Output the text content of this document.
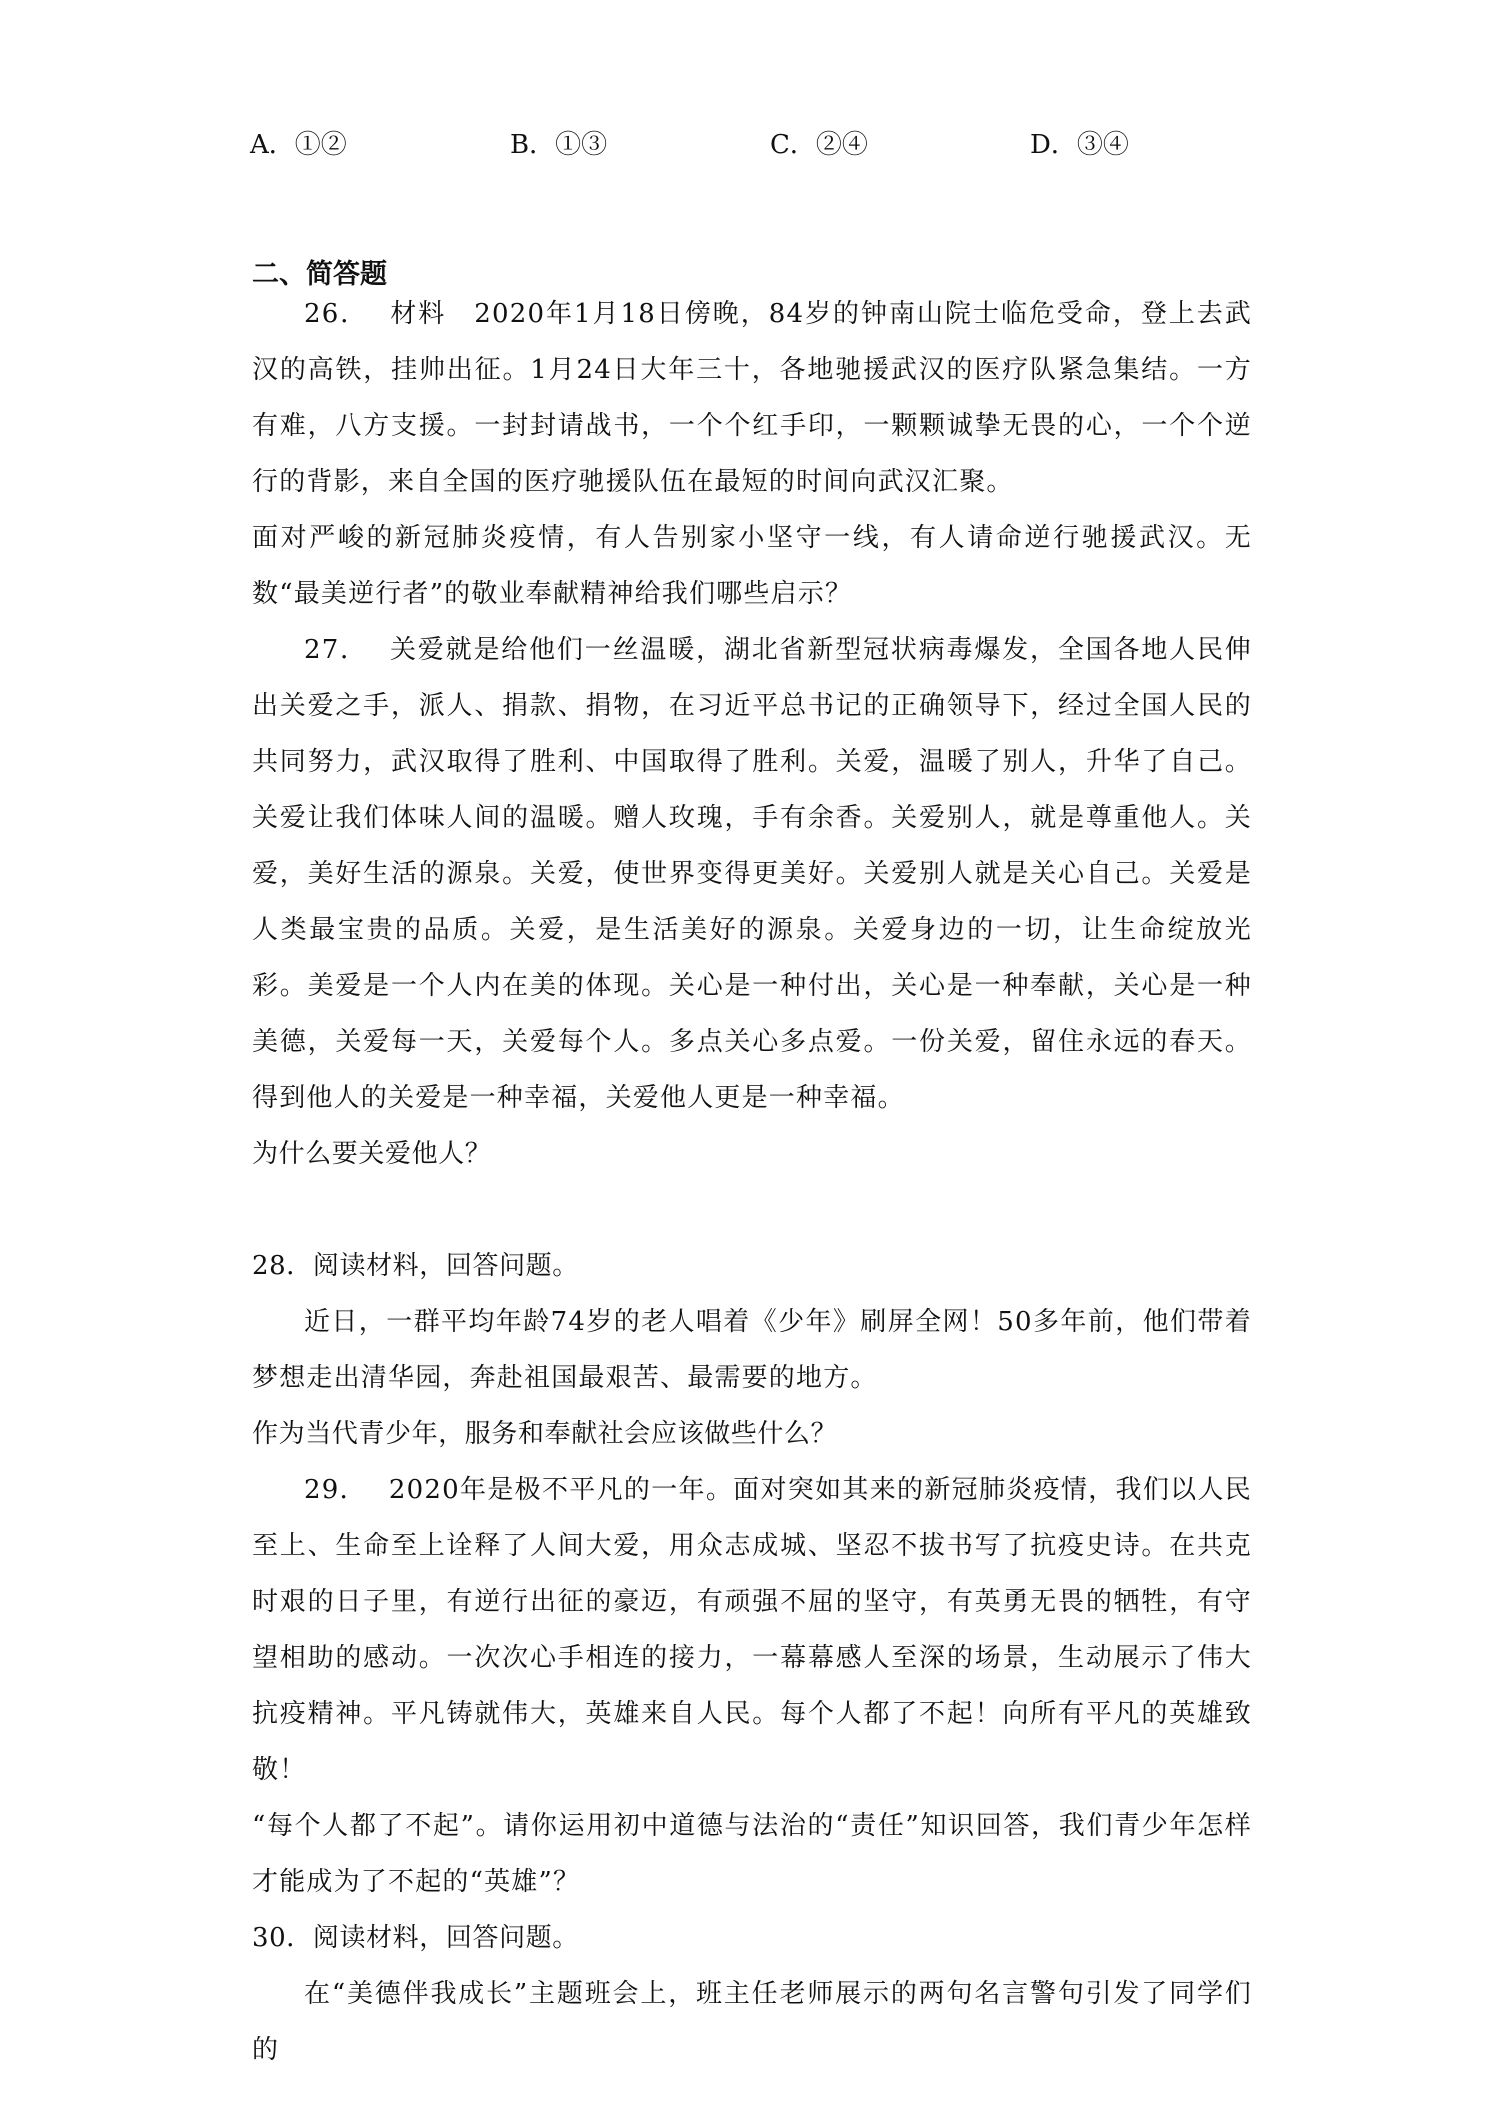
A．①②	B．①③	C．②④	D．③④
二、简答题

26． 材料　2020年1月18日傍晚，84岁的钟南山院士临危受命，登上去武汉的高铁，挂帅出征。1月24日大年三十，各地驰援武汉的医疗队紧急集结。一方有难，八方支援。一封封请战书，一个个红手印，一颗颗诚挚无畏的心，一个个逆行的背影，来自全国的医疗驰援队伍在最短的时间向武汉汇聚。

面对严峻的新冠肺炎疫情，有人告别家小坚守一线，有人请命逆行驰援武汉。无数“最美逆行者”的敬业奉献精神给我们哪些启示？

27． 关爱就是给他们一丝温暖，湖北省新型冠状病毒爆发，全国各地人民伸出关爱之手，派人、捐款、捐物，在习近平总书记的正确领导下，经过全国人民的共同努力，武汉取得了胜利、中国取得了胜利。关爱，温暖了别人，升华了自己。关爱让我们体味人间的温暖。赠人玫瑰，手有余香。关爱别人，就是尊重他人。关爱，美好生活的源泉。关爱，使世界变得更美好。关爱别人就是关心自己。关爱是人类最宝贵的品质。关爱，是生活美好的源泉。关爱身边的一切，让生命绽放光彩。美爱是一个人内在美的体现。关心是一种付出，关心是一种奉献，关心是一种美德，关爱每一天，关爱每个人。多点关心多点爱。一份关爱，留住永远的春天。得到他人的关爱是一种幸福，关爱他人更是一种幸福。

为什么要关爱他人？

28．阅读材料，回答问题。

近日，一群平均年龄74岁的老人唱着《少年》刷屏全网！50多年前，他们带着梦想走出清华园，奔赴祖国最艰苦、最需要的地方。

作为当代青少年，服务和奉献社会应该做些什么？

29． 2020年是极不平凡的一年。面对突如其来的新冠肺炎疫情，我们以人民至上、生命至上诠释了人间大爱，用众志成城、坚忍不拔书写了抗疫史诗。在共克时艰的日子里，有逆行出征的豪迈，有顽强不屈的坚守，有英勇无畏的牺牲，有守望相助的感动。一次次心手相连的接力，一幕幕感人至深的场景，生动展示了伟大抗疫精神。平凡铸就伟大，英雄来自人民。每个人都了不起！向所有平凡的英雄致敬！

“每个人都了不起”。请你运用初中道德与法治的“责任”知识回答，我们青少年怎样才能成为了不起的“英雄”？

30．阅读材料，回答问题。

在“美德伴我成长”主题班会上，班主任老师展示的两句名言警句引发了同学们的
